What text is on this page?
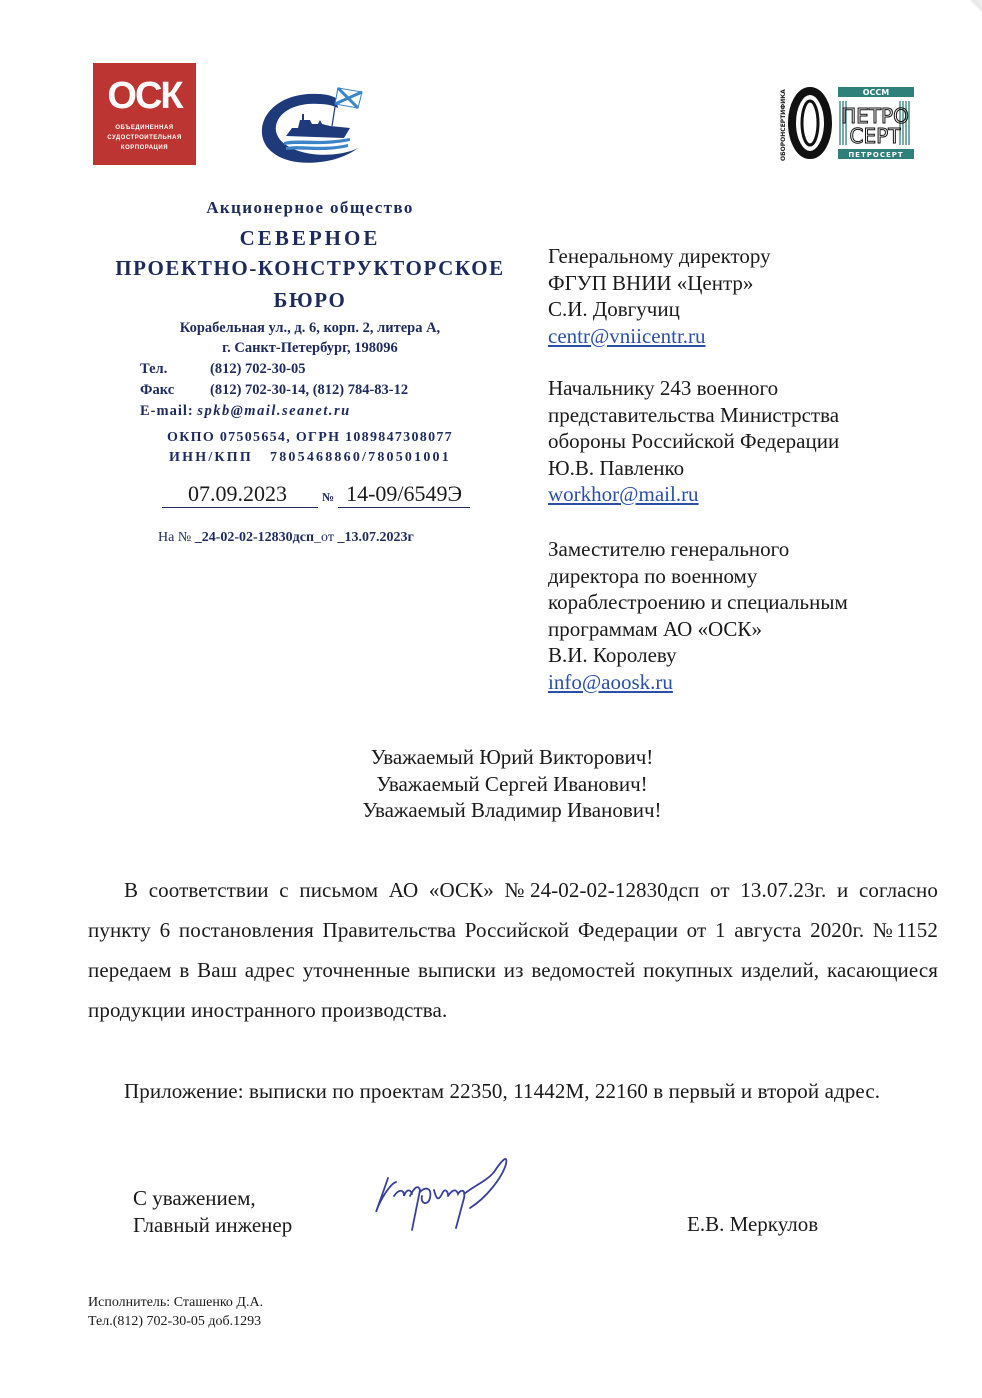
ОСК
ОБЪЕДИНЕННАЯ
СУДОСТРОИТЕЛЬНАЯ
КОРПОРАЦИЯ	ОБОРОНСЕРТИФИКА	ОССМ
ПЕТРО
СЕРТ
ПЕТРОСЕРТ
Акционерное общество
СЕВЕРНОЕ
ПРОЕКТНО-КОНСТРУКТОРСКОЕ
БЮРО
Корабельная ул., д. 6, корп. 2, литера А,
г. Санкт-Петербург, 198096
Тел.	(812) 702-30-05
Факс (812) 702-30-14, (812) 784-83-12
E-mail: spkb@mail.seanet.ru
ОКПО 07505654, ОГРН 1089847308077
ИНН/КПП   7805468860/780501001
07.09.2023	№ 14-09/6549Э
На № _24-02-02-12830дсп_от _13.07.2023г
Генеральному директору
ФГУП ВНИИ «Центр»
С.И. Довгучиц
centr@vniicentr.ru
Начальнику 243 военного
представительства Министрства
обороны Российской Федерации
Ю.В. Павленко
workhor@mail.ru
Заместителю генерального
директора по военному
кораблестроению и специальным
программам АО «ОСК»
В.И. Королеву
info@aoosk.ru
Уважаемый Юрий Викторович!
Уважаемый Сергей Иванович!
Уважаемый Владимир Иванович!
В соответствии с письмом АО «ОСК» №24-02-02-12830дсп от 13.07.23г. и согласно пункту 6 постановления Правительства Российской Федерации от 1 августа 2020г. №1152 передаем в Ваш адрес уточненные выписки из ведомостей покупных изделий, касающиеся продукции иностранного производства.
Приложение: выписки по проектам 22350, 11442М, 22160 в первый и второй адрес.
С уважением,
Главный инженер	Е.В. Меркулов
Исполнитель: Сташенко Д.А.
Тел.(812) 702-30-05 доб.1293
